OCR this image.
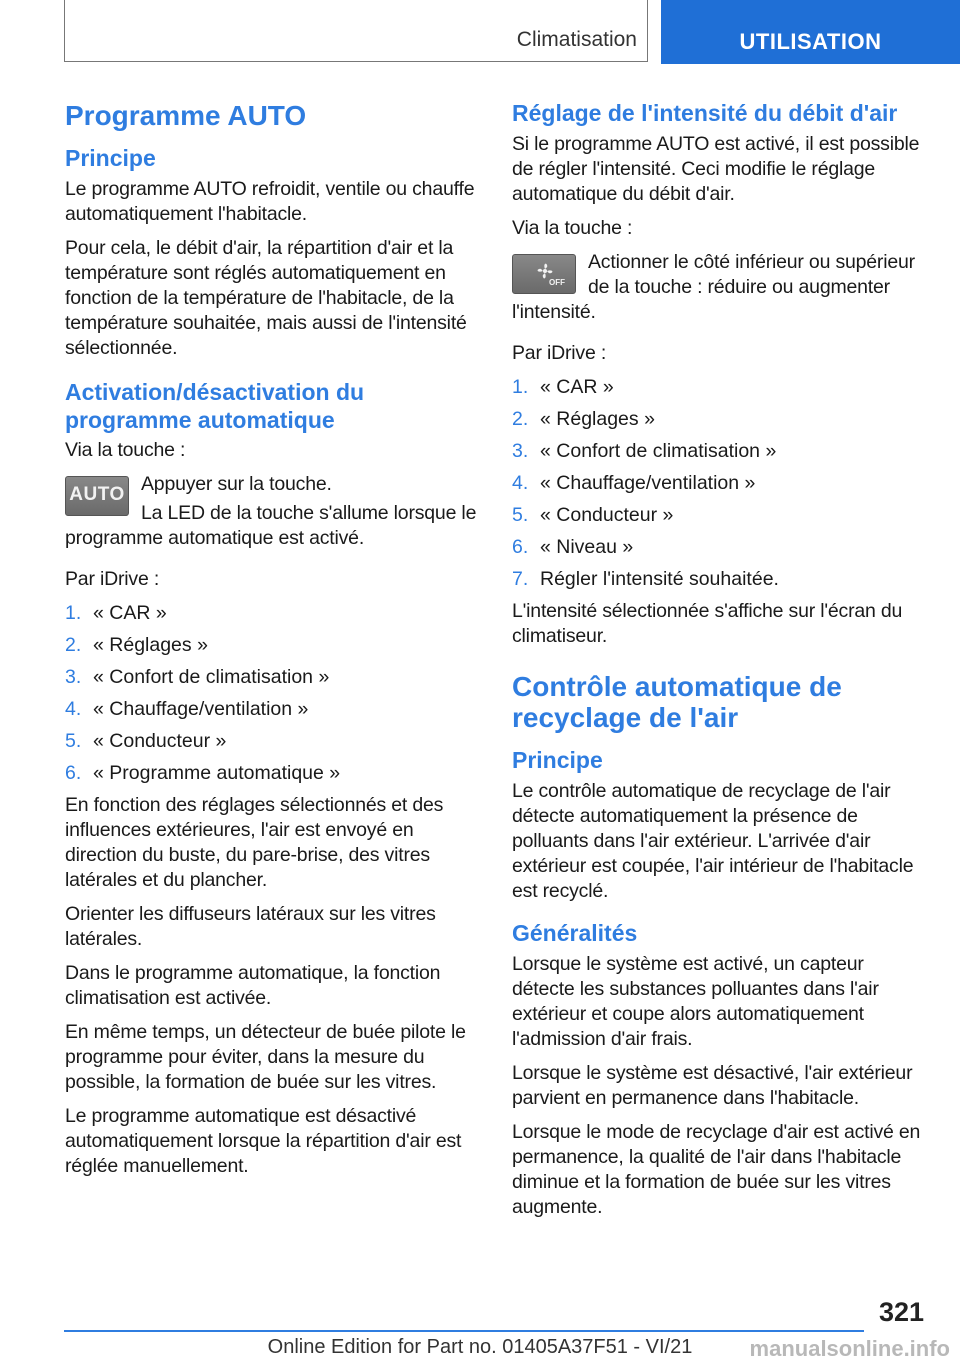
Climatisation	UTILISATION
Programme AUTO
Principe

Le programme AUTO refroidit, ventile ou chauffe automatiquement l'habitacle.

Pour cela, le débit d'air, la répartition d'air et la température sont réglés automatiquement en fonction de la température de l'habitacle, de la température souhaitée, mais aussi de l'intensité sélectionnée.

Activation/désactivation du programme automatique

Via la touche :

AUTO Appuyer sur la touche.

La LED de la touche s'allume lorsque le programme automatique est activé.

Par iDrive :

1. « CAR »
2. « Réglages »
3. « Confort de climatisation »
4. « Chauffage/ventilation »
5. « Conducteur »
6. « Programme automatique »

En fonction des réglages sélectionnés et des influences extérieures, l'air est envoyé en direction du buste, du pare-brise, des vitres latérales et du plancher.

Orienter les diffuseurs latéraux sur les vitres latérales.

Dans le programme automatique, la fonction climatisation est activée.

En même temps, un détecteur de buée pilote le programme pour éviter, dans la mesure du possible, la formation de buée sur les vitres.

Le programme automatique est désactivé automatiquement lorsque la répartition d'air est réglée manuellement.

Réglage de l'intensité du débit d'air

Si le programme AUTO est activé, il est possible de régler l'intensité. Ceci modifie le réglage automatique du débit d'air.

Via la touche :

OFF

Actionner le côté inférieur ou supérieur de la touche : réduire ou augmenter l'intensité.

Par iDrive :

1. « CAR »
2. « Réglages »
3. « Confort de climatisation »
4. « Chauffage/ventilation »
5. « Conducteur »
6. « Niveau »
7. Régler l'intensité souhaitée.

L'intensité sélectionnée s'affiche sur l'écran du climatiseur.

Contrôle automatique de recyclage de l'air
Principe

Le contrôle automatique de recyclage de l'air détecte automatiquement la présence de polluants dans l'air extérieur. L'arrivée d'air extérieur est coupée, l'air intérieur de l'habitacle est recyclé.

Généralités

Lorsque le système est activé, un capteur détecte les substances polluantes dans l'air extérieur et coupe alors automatiquement l'admission d'air frais.

Lorsque le système est désactivé, l'air extérieur parvient en permanence dans l'habitacle.

Lorsque le mode de recyclage d'air est activé en permanence, la qualité de l'air dans l'habitacle diminue et la formation de buée sur les vitres augmente.

321
Online Edition for Part no. 01405A37F51 - VI/21	manualsonline.info
